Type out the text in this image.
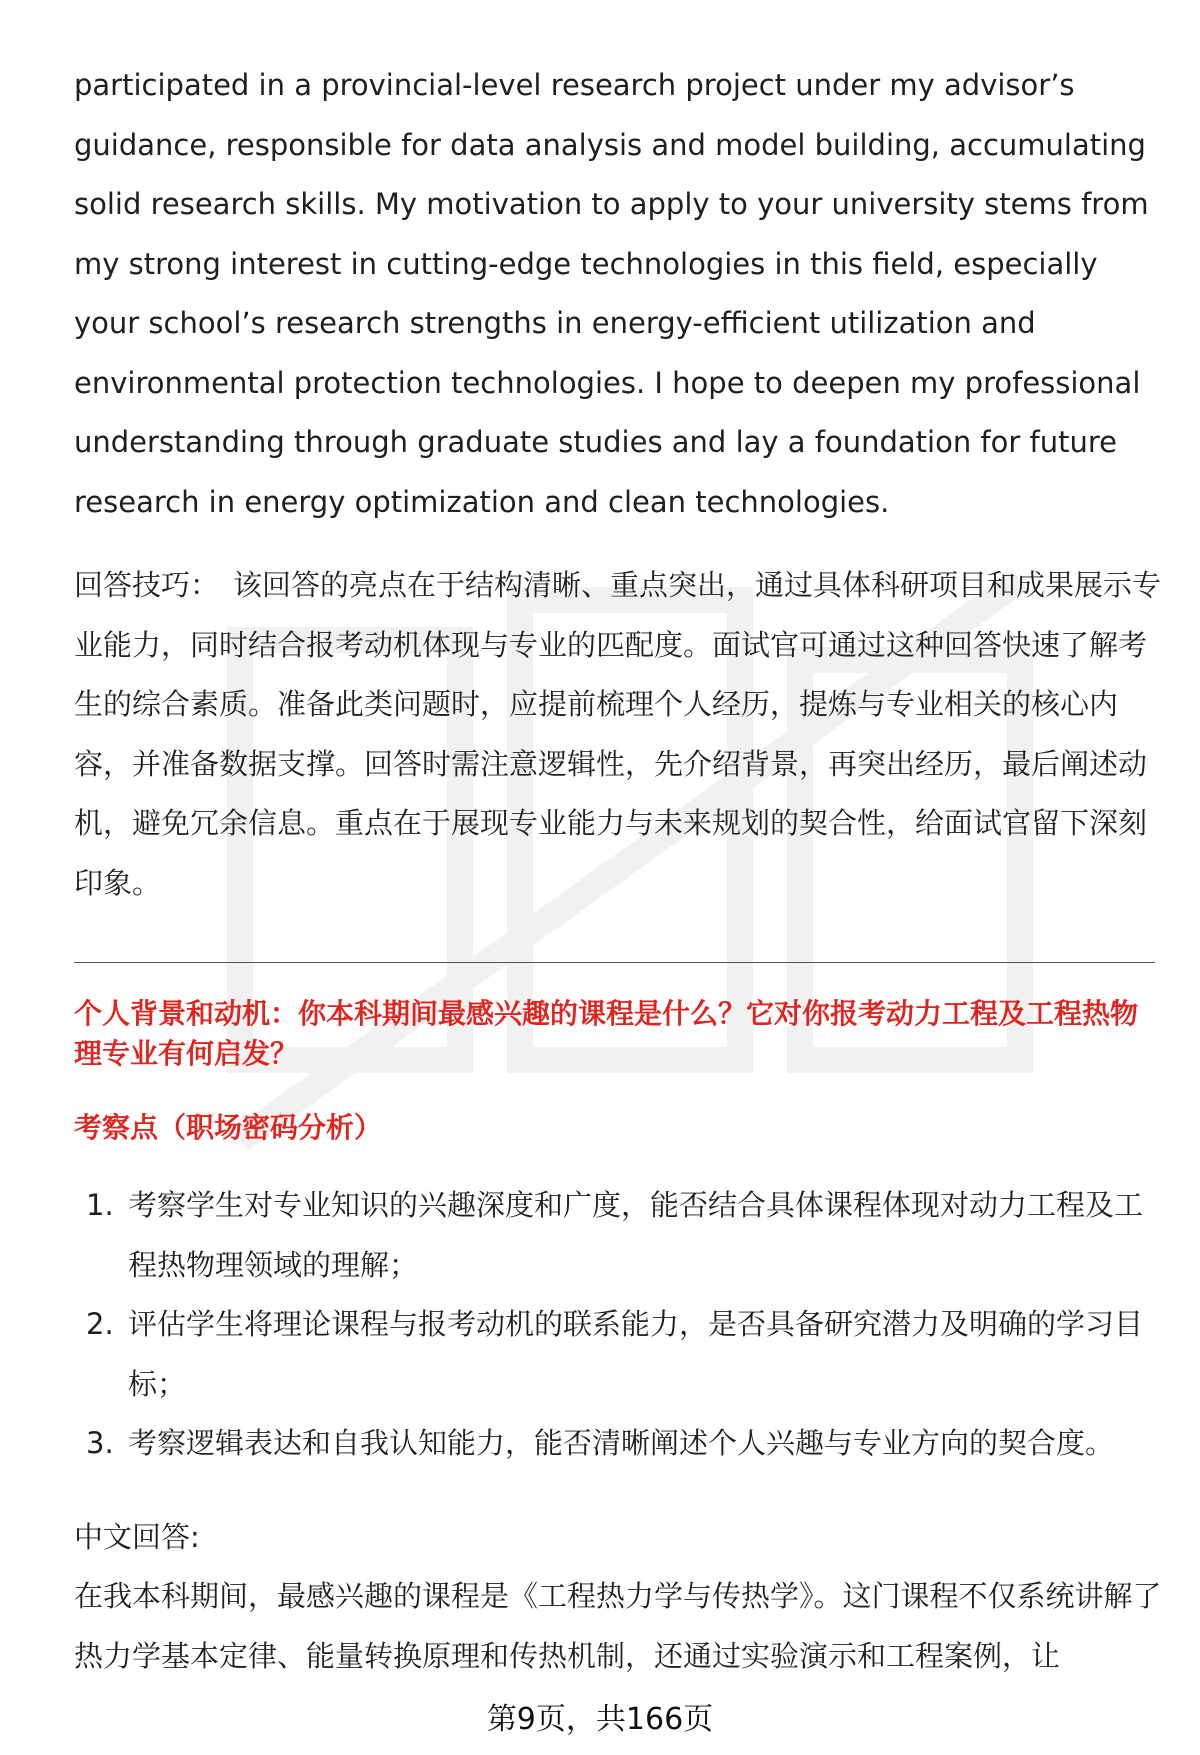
participated in a provincial-level research project under my advisor’s guidance, responsible for data analysis and model building, accumulating solid research skills. My motivation to apply to your university stems from my strong interest in cutting-edge technologies in this field, especially your school’s research strengths in energy-efficient utilization and environmental protection technologies. I hope to deepen my professional understanding through graduate studies and lay a foundation for future research in energy optimization and clean technologies.

回答技巧： 该回答的亮点在于结构清晰、重点突出，通过具体科研项目和成果展示专业能力，同时结合报考动机体现与专业的匹配度。面试官可通过这种回答快速了解考生的综合素质。准备此类问题时，应提前梳理个人经历，提炼与专业相关的核心内容，并准备数据支撑。回答时需注意逻辑性，先介绍背景，再突出经历，最后阐述动机，避免冗余信息。重点在于展现专业能力与未来规划的契合性，给面试官留下深刻印象。

个人背景和动机：你本科期间最感兴趣的课程是什么？它对你报考动力工程及工程热物理专业有何启发？

考察点（职场密码分析）

1. 考察学生对专业知识的兴趣深度和广度，能否结合具体课程体现对动力工程及工程热物理领域的理解；
2. 评估学生将理论课程与报考动机的联系能力，是否具备研究潜力及明确的学习目标；
3. 考察逻辑表达和自我认知能力，能否清晰阐述个人兴趣与专业方向的契合度。

中文回答:

在我本科期间，最感兴趣的课程是《工程热力学与传热学》。这门课程不仅系统讲解了热力学基本定律、能量转换原理和传热机制，还通过实验演示和工程案例，让

第9页，共166页
